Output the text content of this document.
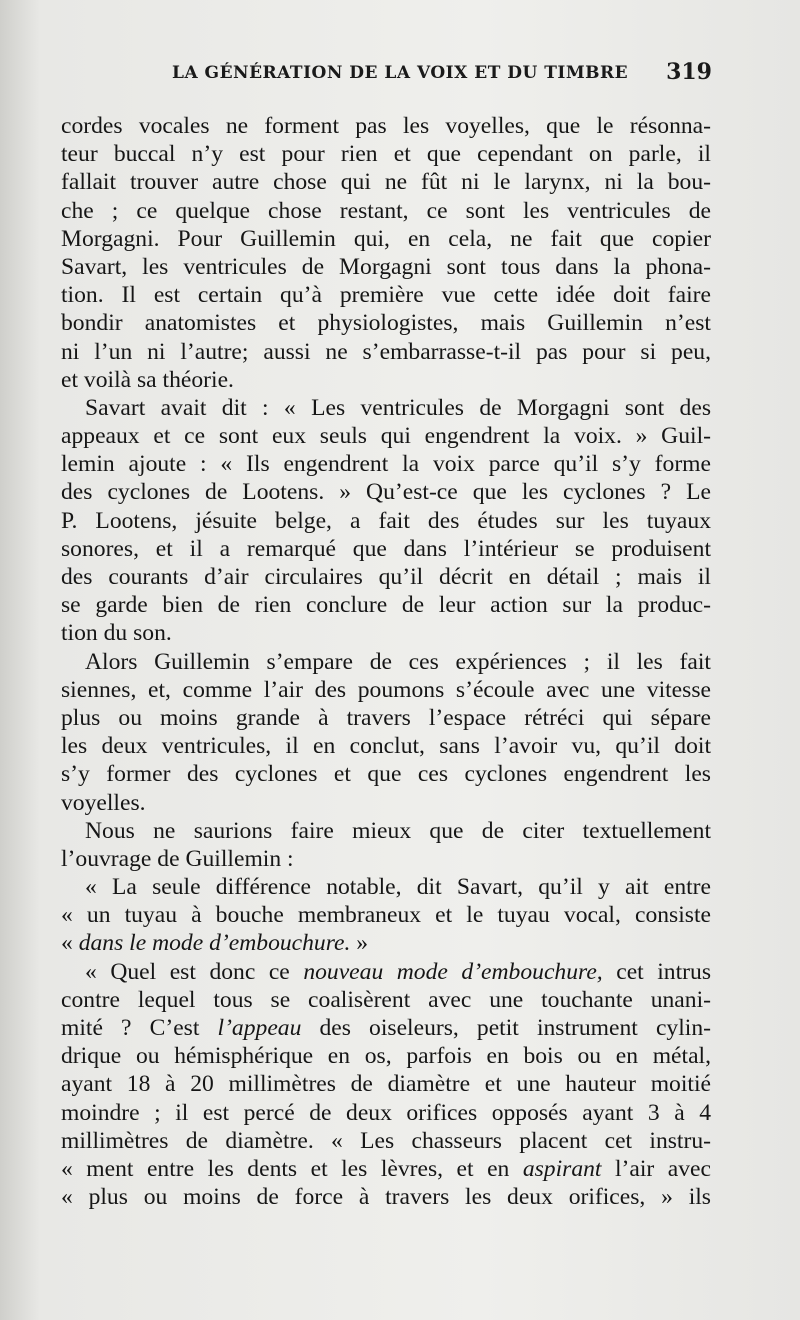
LA GÉNÉRATION DE LA VOIX ET DU TIMBRE 319
cordes vocales ne forment pas les voyelles, que le résonna-
teur buccal n’y est pour rien et que cependant on parle, il
fallait trouver autre chose qui ne fût ni le larynx, ni la bou-
che ; ce quelque chose restant, ce sont les ventricules de
Morgagni. Pour Guillemin qui, en cela, ne fait que copier
Savart, les ventricules de Morgagni sont tous dans la phona-
tion. Il est certain qu’à première vue cette idée doit faire
bondir anatomistes et physiologistes, mais Guillemin n’est
ni l’un ni l’autre; aussi ne s’embarrasse-t-il pas pour si peu,
et voilà sa théorie.
Savart avait dit : « Les ventricules de Morgagni sont des
appeaux et ce sont eux seuls qui engendrent la voix. » Guil-
lemin ajoute : « Ils engendrent la voix parce qu’il s’y forme
des cyclones de Lootens. » Qu’est-ce que les cyclones ? Le
P. Lootens, jésuite belge, a fait des études sur les tuyaux
sonores, et il a remarqué que dans l’intérieur se produisent
des courants d’air circulaires qu’il décrit en détail ; mais il
se garde bien de rien conclure de leur action sur la produc-
tion du son.
Alors Guillemin s’empare de ces expériences ; il les fait
siennes, et, comme l’air des poumons s’écoule avec une vitesse
plus ou moins grande à travers l’espace rétréci qui sépare
les deux ventricules, il en conclut, sans l’avoir vu, qu’il doit
s’y former des cyclones et que ces cyclones engendrent les
voyelles.
Nous ne saurions faire mieux que de citer textuellement
l’ouvrage de Guillemin :
« La seule différence notable, dit Savart, qu’il y ait entre
« un tuyau à bouche membraneux et le tuyau vocal, consiste
« dans le mode d’embouchure. »
« Quel est donc ce nouveau mode d’embouchure, cet intrus
contre lequel tous se coalisèrent avec une touchante unani-
mité ? C’est l’appeau des oiseleurs, petit instrument cylin-
drique ou hémisphérique en os, parfois en bois ou en métal,
ayant 18 à 20 millimètres de diamètre et une hauteur moitié
moindre ; il est percé de deux orifices opposés ayant 3 à 4
millimètres de diamètre. « Les chasseurs placent cet instru-
« ment entre les dents et les lèvres, et en aspirant l’air avec
« plus ou moins de force à travers les deux orifices, » ils
